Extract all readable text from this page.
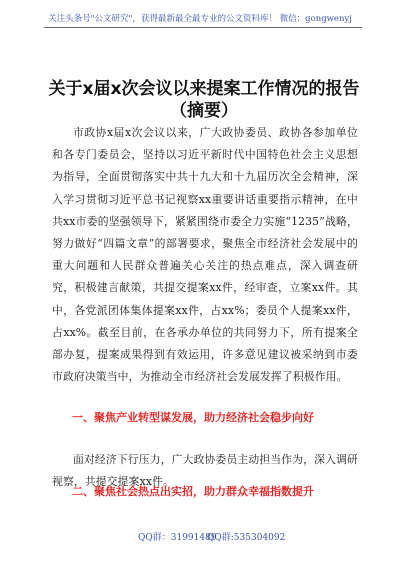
关注头条号"公文研究"，获得最新最全最专业的公文资料库！ 微信：gongwenyj
关于x届x次会议以来提案工作情况的报告
（摘要）
市政协x届x次会议以来，广大政协委员、政协各参加单位和各专门委员会，坚持以习近平新时代中国特色社会主义思想为指导，全面贯彻落实中共十九大和十九届历次全会精神，深入学习贯彻习近平总书记视察xx重要讲话重要指示精神，在中共xx市委的坚强领导下，紧紧围绕市委全力实施“1235”战略，努力做好“四篇文章”的部署要求，聚焦全市经济社会发展中的重大问题和人民群众普遍关心关注的热点难点，深入调查研究，积极建言献策，共提交提案xx件，经审查，立案xx件。其中，各党派团体集体提案xx件，占xx%；委员个人提案xx件，占xx%。截至目前，在各承办单位的共同努力下，所有提案全部办复，提案成果得到有效运用，许多意见建议被采纳到市委市政府决策当中，为推动全市经济社会发展发挥了积极作用。
一、聚焦产业转型谋发展，助力经济社会稳步向好
面对经济下行压力，广大政协委员主动担当作为，深入调研视察，共提交提案xx件。
二、聚焦社会热点出实招，助力群众幸福指数提升
QQ群：31991489
QQ群:535304092
